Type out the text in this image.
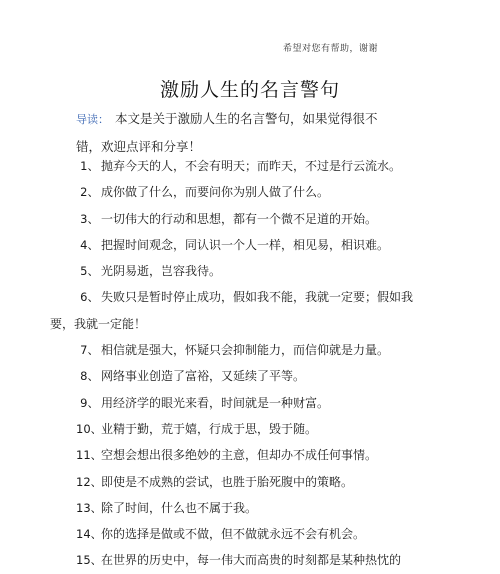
希望对您有帮助，谢谢
激励人生的名言警句
导读： 本文是关于激励人生的名言警句，如果觉得很不错，欢迎点评和分享！
1、 抛弃今天的人，不会有明天；而昨天，不过是行云流水。
2、 成你做了什么，而要问你为别人做了什么。
3、 一切伟大的行动和思想，都有一个微不足道的开始。
4、 把握时间观念，同认识一个人一样，相见易，相识难。
5、 光阴易逝，岂容我待。
6、 失败只是暂时停止成功，假如我不能，我就一定要；假如我
要，我就一定能！
7、 相信就是强大，怀疑只会抑制能力，而信仰就是力量。
8、 网络事业创造了富裕，又延续了平等。
9、 用经济学的眼光来看，时间就是一种财富。
10、业精于勤，荒于嬉，行成于思，毁于随。
11、空想会想出很多绝妙的主意，但却办不成任何事情。
12、即使是不成熟的尝试，也胜于胎死腹中的策略。
13、除了时间，什么也不属于我。
14、你的选择是做或不做，但不做就永远不会有机会。
15、在世界的历史中，每一伟大而高贵的时刻都是某种热忱的
